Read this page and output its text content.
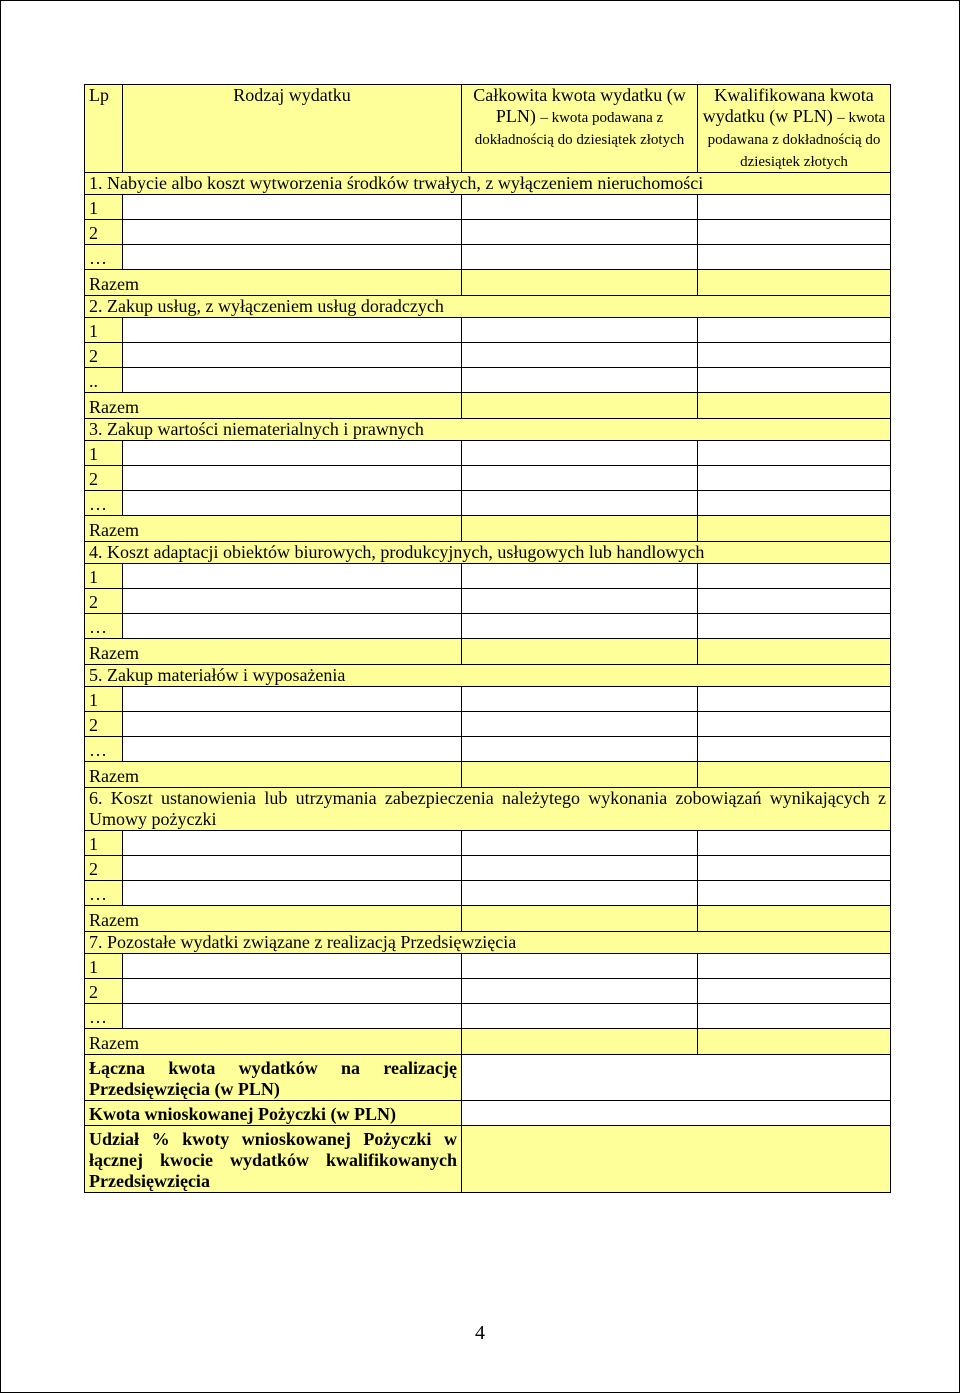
Lp	Rodzaj wydatku	Całkowita kwota wydatku (w PLN) – kwota podawana z dokładnością do dziesiątek złotych	Kwalifikowana kwota wydatku (w PLN) – kwota podawana z dokładnością do dziesiątek złotych
1. Nabycie albo koszt wytworzenia środków trwałych, z wyłączeniem nieruchomości			
1			
2			
…			
Razem			
2. Zakup usług, z wyłączeniem usług doradczych			
1			
2			
..			
Razem			
3. Zakup wartości niematerialnych i prawnych			
1			
2			
…			
Razem			
4. Koszt adaptacji obiektów biurowych, produkcyjnych, usługowych lub handlowych			
1			
2			
…			
Razem			
5. Zakup materiałów i wyposażenia			
1			
2			
…			
Razem			
6. Koszt ustanowienia lub utrzymania zabezpieczenia należytego wykonania zobowiązań wynikających z Umowy pożyczki			
1			
2			
…			
Razem			
7. Pozostałe wydatki związane z realizacją Przedsięwzięcia			
1			
2			
…			
Razem			
Łączna kwota wydatków na realizację Przedsięwzięcia (w PLN)			
Kwota wnioskowanej Pożyczki (w PLN)			
Udział % kwoty wnioskowanej Pożyczki w łącznej kwocie wydatków kwalifikowanych Przedsięwzięcia			
4
